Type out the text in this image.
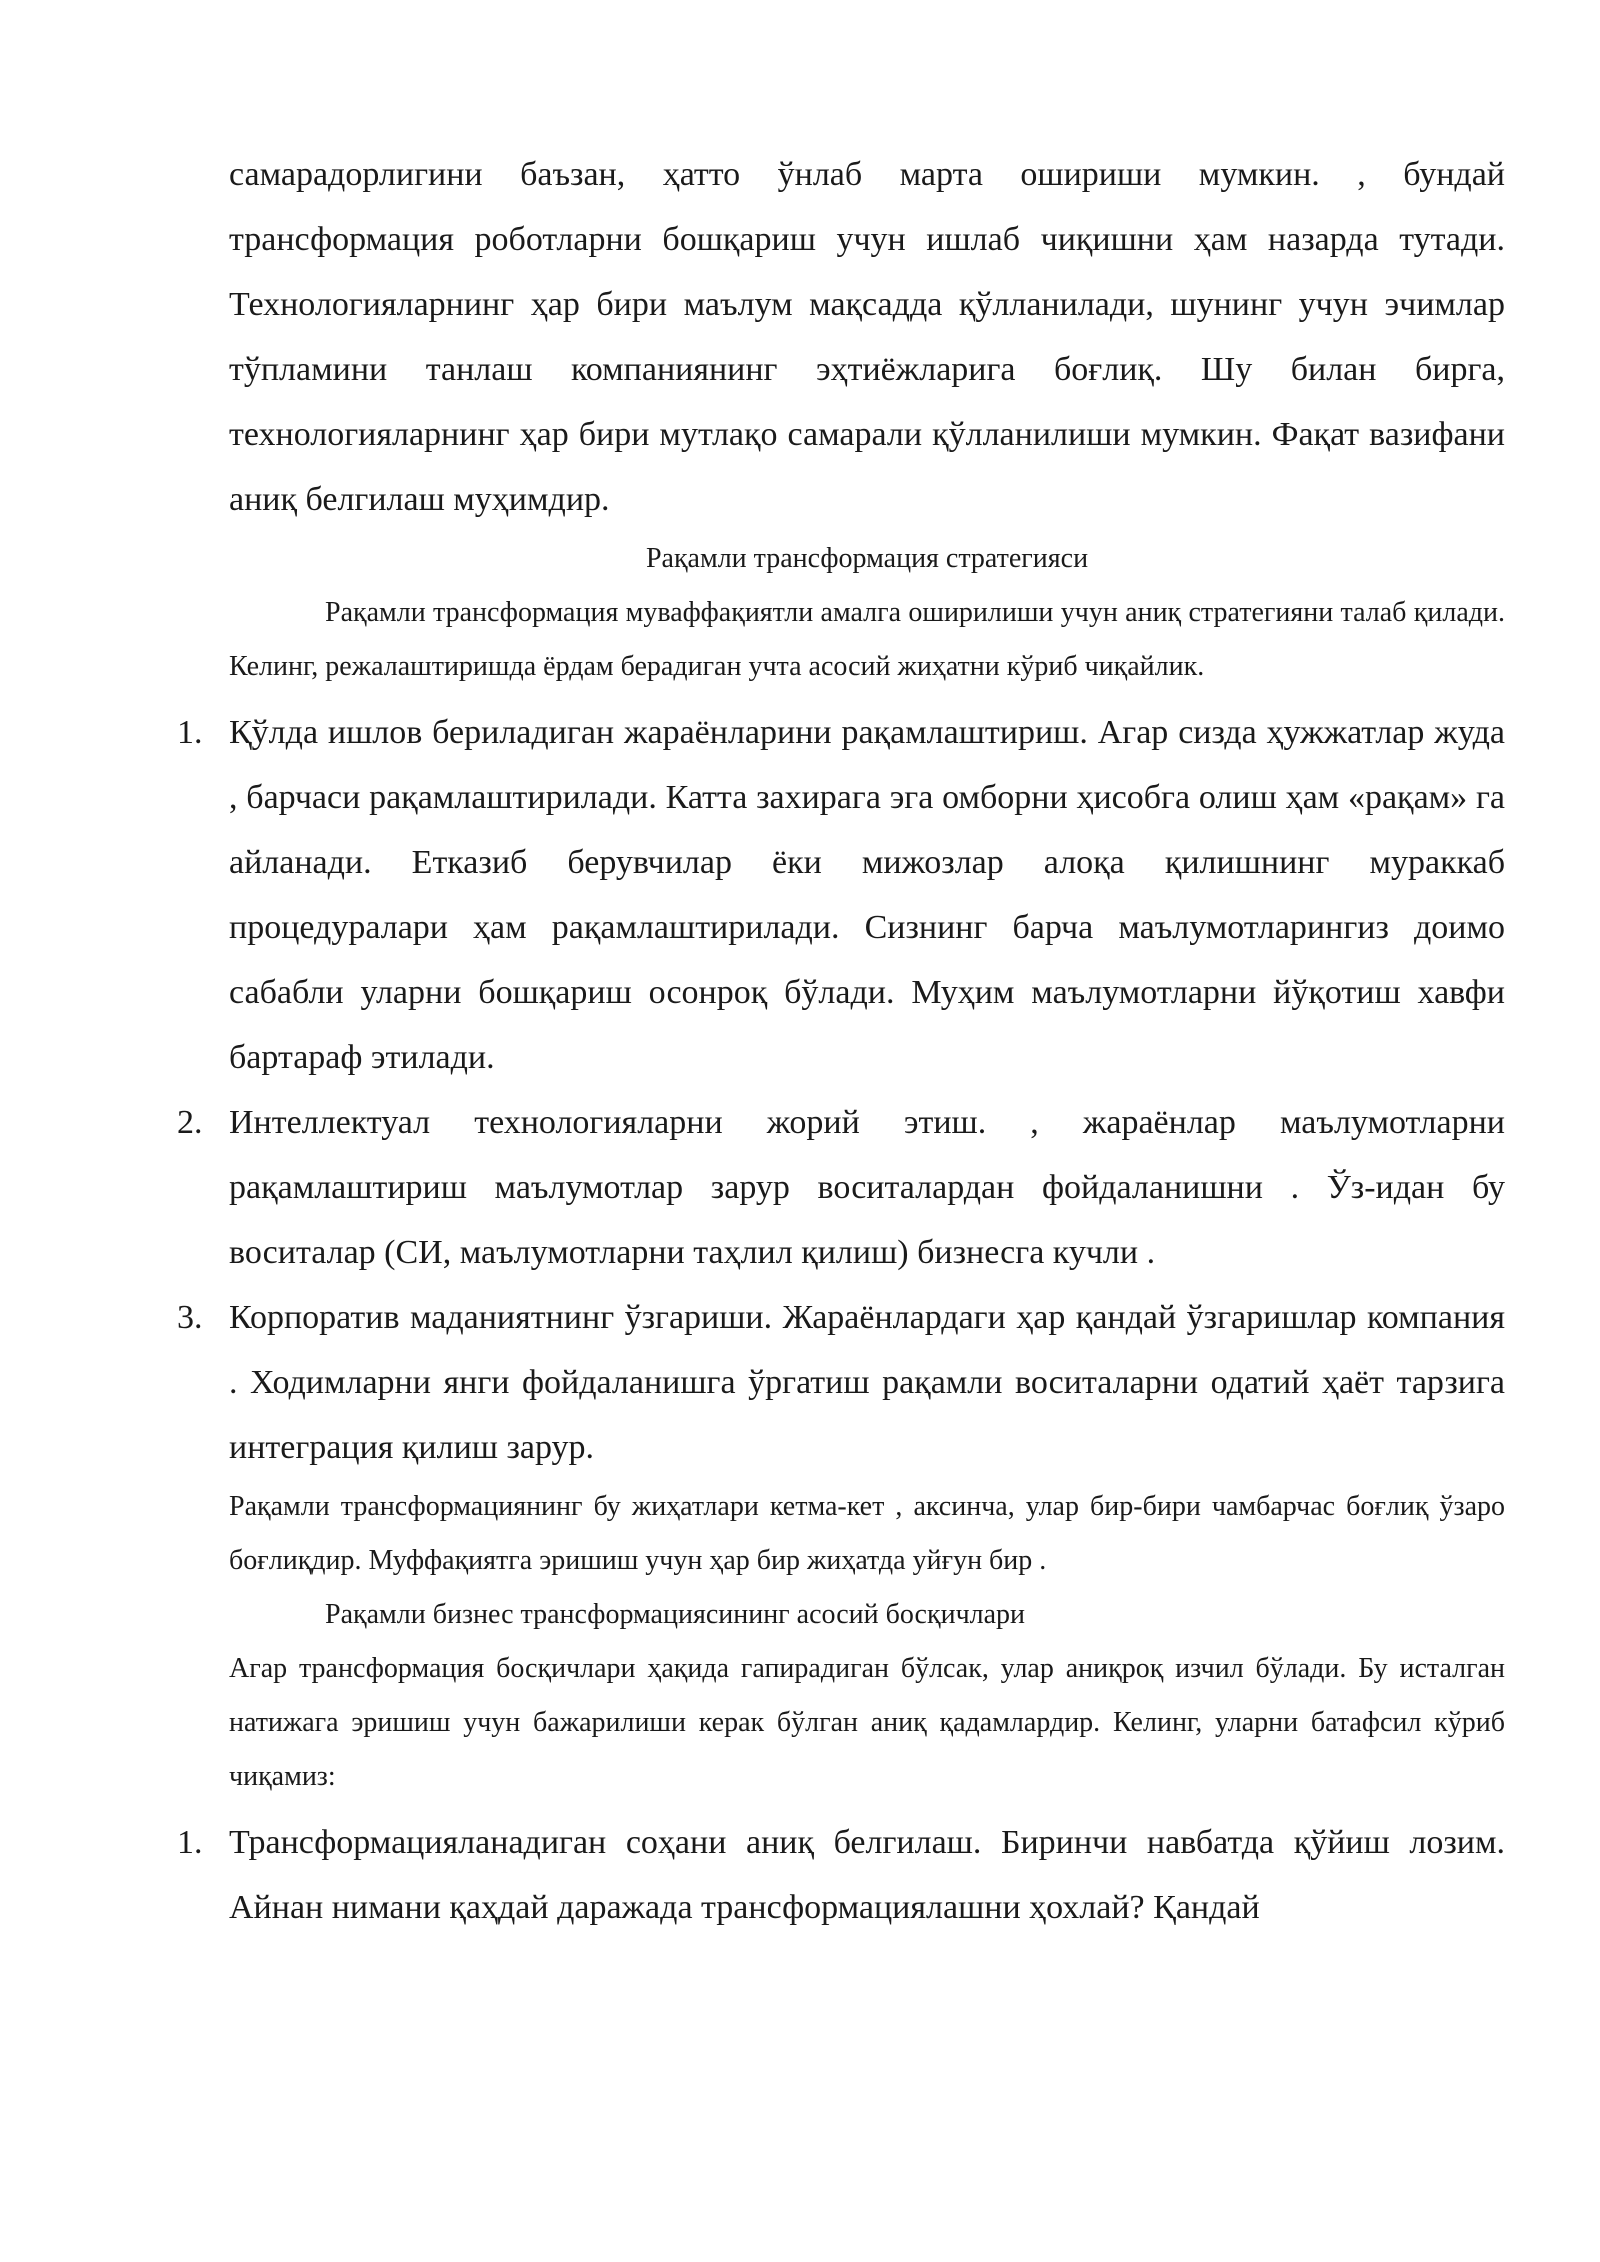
самарадорлигини баъзан, ҳатто ўнлаб марта ошириши мумкин. , бундай трансформация роботларни бошқариш учун ишлаб чиқишни ҳам назарда тутади. Технологияларнинг ҳар бири маълум мақсадда қўлланилади, шунинг учун эчимлар тўпламини танлаш компаниянинг эҳтиёжларига боғлиқ. Шу билан бирга, технологияларнинг ҳар бири мутлақо самарали қўлланилиши мумкин. Фақат вазифани аниқ белгилаш муҳимдир.

Рақамли трансформация стратегияси

Рақамли трансформация муваффақиятли амалга оширилиши учун аниқ стратегияни талаб қилади. Келинг, режалаштиришда ёрдам берадиган учта асосий жиҳатни кўриб чиқайлик.

1. Қўлда ишлов бериладиган жараёнларини рақамлаштириш. Агар сизда ҳужжатлар жуда , барчаси рақамлаштирилади. Катта захирага эга омборни ҳисобга олиш ҳам «рақам» га айланади. Етказиб берувчилар ёки мижозлар алоқа қилишнинг мураккаб процедуралари ҳам рақамлаштирилади. Сизнинг барча маълумотларингиз доимо сабабли уларни бошқариш осонроқ бўлади. Муҳим маълумотларни йўқотиш хавфи бартараф этилади.
2. Интеллектуал технологияларни жорий этиш. , жараёнлар маълумотларни рақамлаштириш маълумотлар зарур воситалардан фойдаланишни . Ўз-идан бу воситалар (СИ, маълумотларни таҳлил қилиш) бизнесга кучли .
3. Корпоратив маданиятнинг ўзгариши. Жараёнлардаги ҳар қандай ўзгаришлар компания . Ходимларни янги фойдаланишга ўргатиш рақамли воситаларни одатий ҳаёт тарзига интеграция қилиш зарур.

Рақамли трансформациянинг бу жиҳатлари кетма-кет , аксинча, улар бир-бири чамбарчас боғлиқ ўзаро боғлиқдир. Муффақиятга эришиш учун ҳар бир жиҳатда уйғун бир .

Рақамли бизнес трансформациясининг асосий босқичлари

Агар трансформация босқичлари ҳақида гапирадиган бўлсак, улар аниқроқ изчил бўлади. Бу исталган натижага эришиш учун бажарилиши керак бўлган аниқ қадамлардир. Келинг, уларни батафсил кўриб чиқамиз:

1. Трансформацияланадиган соҳани аниқ белгилаш. Биринчи навбатда қўйиш лозим. Айнан нимани қаҳдай даражада трансформациялашни ҳохлай? Қандай
